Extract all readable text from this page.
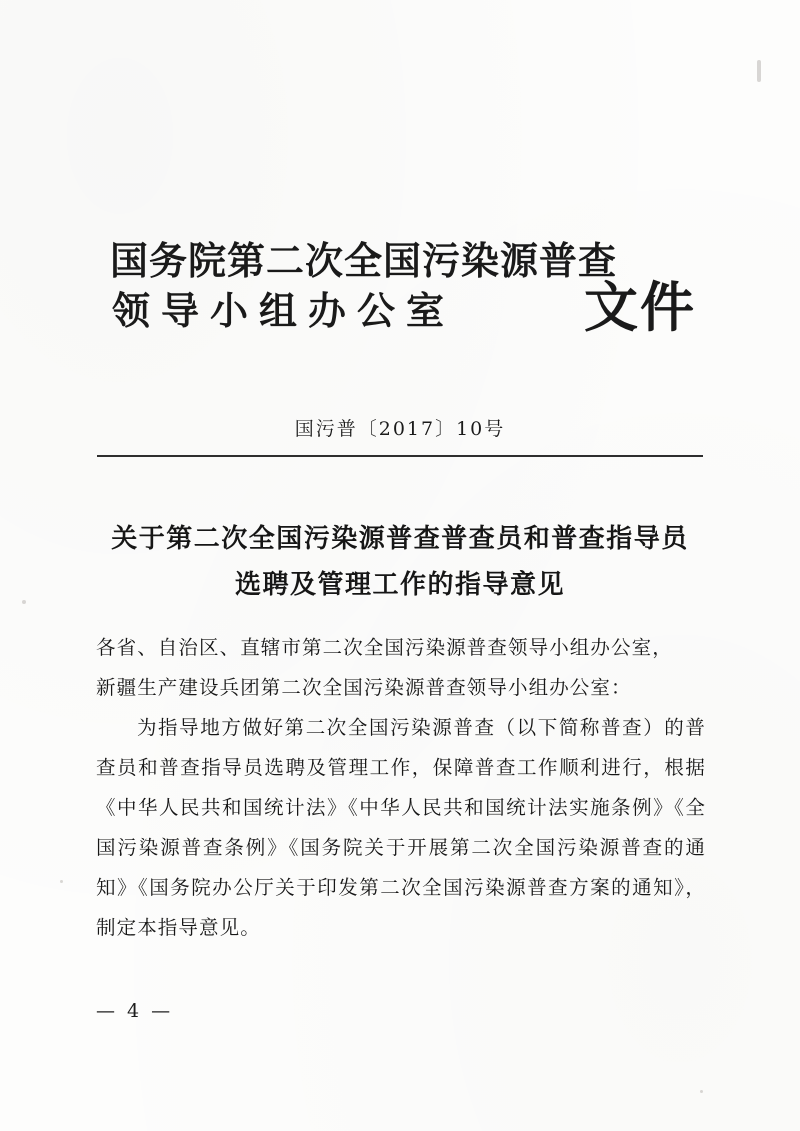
国务院第二次全国污染源普查
领导小组办公室	文件
国污普〔2017〕10号
关于第二次全国污染源普查普查员和普查指导员
选聘及管理工作的指导意见

各省、自治区、直辖市第二次全国污染源普查领导小组办公室，

新疆生产建设兵团第二次全国污染源普查领导小组办公室：

为指导地方做好第二次全国污染源普查（以下简称普查）的普查员和普查指导员选聘及管理工作，保障普查工作顺利进行，根据《中华人民共和国统计法》《中华人民共和国统计法实施条例》《全国污染源普查条例》《国务院关于开展第二次全国污染源普查的通知》《国务院办公厅关于印发第二次全国污染源普查方案的通知》，制定本指导意见。

— 4 —
